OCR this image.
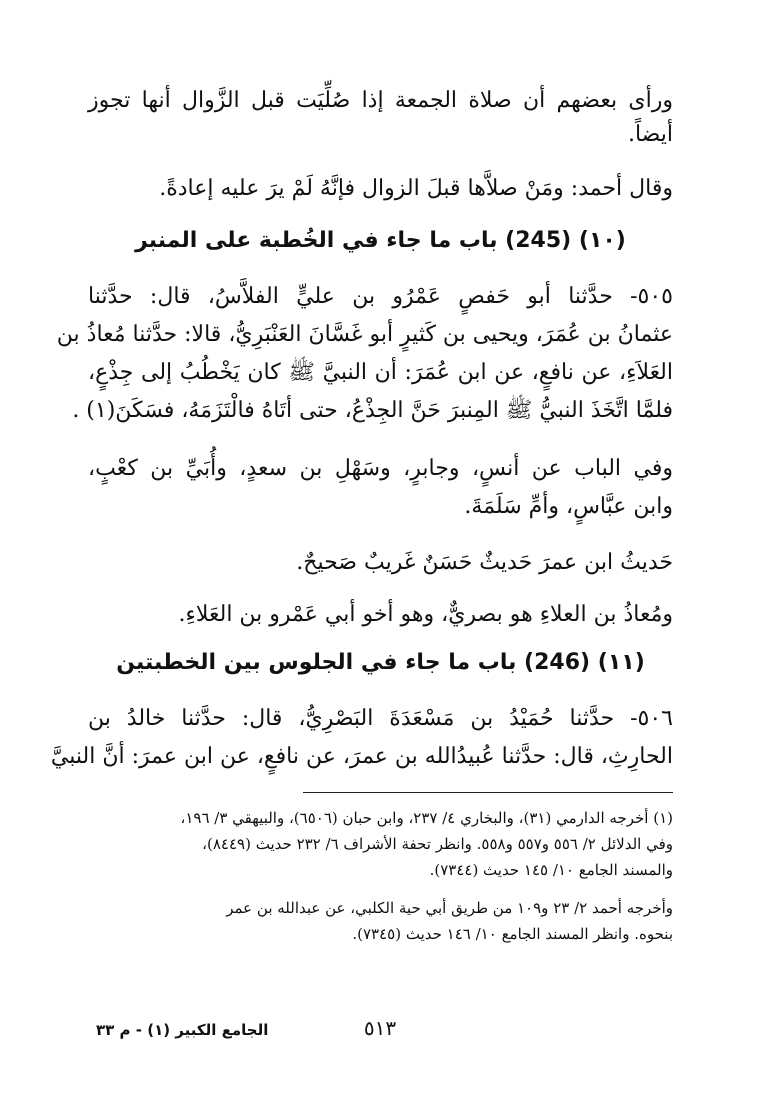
ورأى بعضهم أن صلاة الجمعة إذا صُلِّيَت قبل الزَّوال أنها تجوز
أيضاً.
وقال أحمد: ومَنْ صلاَّها قبلَ الزوال فإنَّهُ لَمْ يرَ عليه إعادةً.
(١٠) (245) باب ما جاء في الخُطبة على المنبر
٥٠٥- حدَّثنا أبو حَفصٍ عَمْرُو بن عليٍّ الفلاَّسُ، قال: حدَّثنا
عثمانُ بن عُمَرَ، ويحيى بن كَثيرٍ أبو غَسَّانَ العَنْبَرِيُّ، قالا: حدَّثنا مُعاذُ بن
العَلاَءِ، عن نافعٍ، عن ابن عُمَرَ: أن النبيَّ ﷺ كان يَخْطُبُ إلى جِذْعٍ،
فلمَّا اتَّخَذَ النبيُّ ﷺ المِنبرَ حَنَّ الجِذْعُ، حتى أتَاهُ فالْتَزَمَهُ، فسَكَنَ(١) .
وفي الباب عن أنسٍ، وجابرٍ، وسَهْلِ بن سعدٍ، وأُبَيِّ بن كعْبٍ،
وابن عبَّاسٍ، وأمِّ سَلَمَةَ.
حَديثُ ابن عمرَ حَديثٌ حَسَنٌ غَريبٌ صَحيحٌ.
ومُعاذُ بن العلاءِ هو بصريٌّ، وهو أخو أبي عَمْرو بن العَلاءِ.
(١١) (246) باب ما جاء في الجلوس بين الخطبتين
٥٠٦- حدَّثنا حُمَيْدُ بن مَسْعَدَةَ البَصْرِيُّ، قال: حدَّثنا خالدُ بن
الحارِثِ، قال: حدَّثنا عُبيدُالله بن عمرَ، عن نافعٍ، عن ابن عمرَ: أنَّ النبيَّ
(١) أخرجه الدارمي (٣١)، والبخاري ٤/ ٢٣٧، وابن حبان (٦٥٠٦)، والبيهقي ٣/ ١٩٦،
وفي الدلائل ٢/ ٥٥٦ و٥٥٧ و٥٥٨. وانظر تحفة الأشراف ٦/ ٢٣٢ حديث (٨٤٤٩)،
والمسند الجامع ١٠/ ١٤٥ حديث (٧٣٤٤).
وأخرجه أحمد ٢/ ٢٣ و١٠٩ من طريق أبي حية الكلبي، عن عبدالله بن عمر
بنحوه. وانظر المسند الجامع ١٠/ ١٤٦ حديث (٧٣٤٥).
٥١٣
الجامع الكبير (١) - م ٣٣
